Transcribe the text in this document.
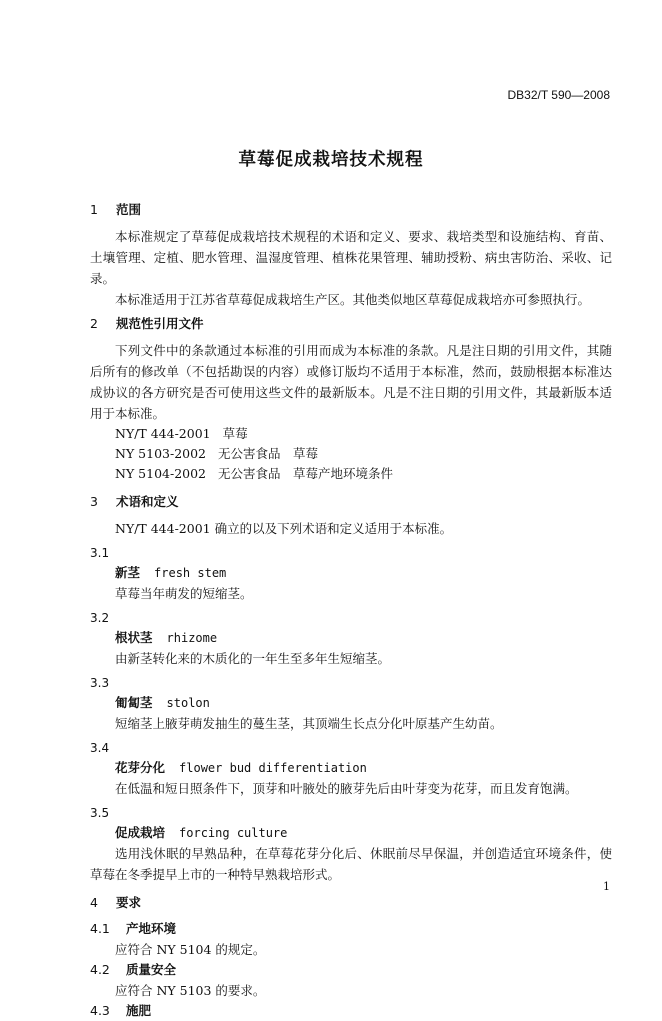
DB32/T 590—2008
草莓促成栽培技术规程
1 范围
本标准规定了草莓促成栽培技术规程的术语和定义、要求、栽培类型和设施结构、育苗、土壤管理、定植、肥水管理、温湿度管理、植株花果管理、辅助授粉、病虫害防治、采收、记录。
本标准适用于江苏省草莓促成栽培生产区。其他类似地区草莓促成栽培亦可参照执行。
2 规范性引用文件
下列文件中的条款通过本标准的引用而成为本标准的条款。凡是注日期的引用文件，其随后所有的修改单（不包括勘误的内容）或修订版均不适用于本标准，然而，鼓励根据本标准达成协议的各方研究是否可使用这些文件的最新版本。凡是不注日期的引用文件，其最新版本适用于本标准。
NY/T 444-2001 草莓
NY 5103-2002 无公害食品　草莓
NY 5104-2002 无公害食品　草莓产地环境条件
3 术语和定义
NY/T 444-2001 确立的以及下列术语和定义适用于本标准。
3.1
新茎 fresh stem
草莓当年萌发的短缩茎。
3.2
根状茎 rhizome
由新茎转化来的木质化的一年生至多年生短缩茎。
3.3
匍匐茎 stolon
短缩茎上腋芽萌发抽生的蔓生茎，其顶端生长点分化叶原基产生幼苗。
3.4
花芽分化 flower bud differentiation
在低温和短日照条件下，顶芽和叶腋处的腋芽先后由叶芽变为花芽，而且发育饱满。
3.5
促成栽培 forcing culture
选用浅休眠的早熟品种，在草莓花芽分化后、休眠前尽早保温，并创造适宜环境条件，使草莓在冬季提早上市的一种特早熟栽培形式。
4 要求
4.1 产地环境
应符合 NY 5104 的规定。
4.2 质量安全
应符合 NY 5103 的要求。
4.3 施肥
1
